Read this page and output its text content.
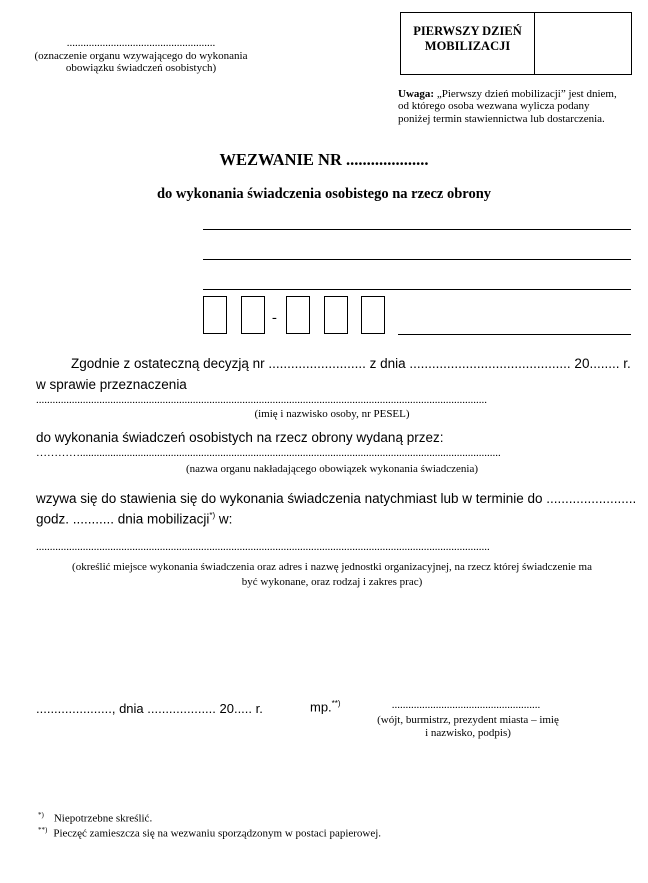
......................................................
(oznaczenie organu wzywającego do wykonania
obowiązku świadczeń osobistych)
PIERWSZY DZIEŃ
MOBILIZACJI
Uwaga: „Pierwszy dzień mobilizacji” jest dniem,
od którego osoba wezwana wylicza podany
poniżej termin stawiennictwa lub dostarczenia.
WEZWANIE NR ....................
do wykonania świadczenia osobistego na rzecz obrony
-
Zgodnie z ostateczną decyzją nr .......................... z dnia ........................................... 20........ r.
w sprawie przeznaczenia
....................................................................................................................................................................
(imię i nazwisko osoby, nr PESEL)
do wykonania świadczeń osobistych na rzecz obrony wydaną przez:
………….........................................................................................................................................................
(nazwa organu nakładającego obowiązek wykonania świadczenia)
wzywa się do stawienia się do wykonania świadczenia natychmiast lub w terminie do ........................
godz. ........... dnia mobilizacji*) w:
.....................................................................................................................................................................
(określić miejsce wykonania świadczenia oraz adres i nazwę jednostki organizacyjnej, na rzecz której świadczenie ma
być wykonane, oraz rodzaj i zakres prac)
....................., dnia ................... 20..... r.	mp.**)	......................................................
(wójt, burmistrz, prezydent miasta – imię
i nazwisko, podpis)
*) Niepotrzebne skreślić.
**) Pieczęć zamieszcza się na wezwaniu sporządzonym w postaci papierowej.
